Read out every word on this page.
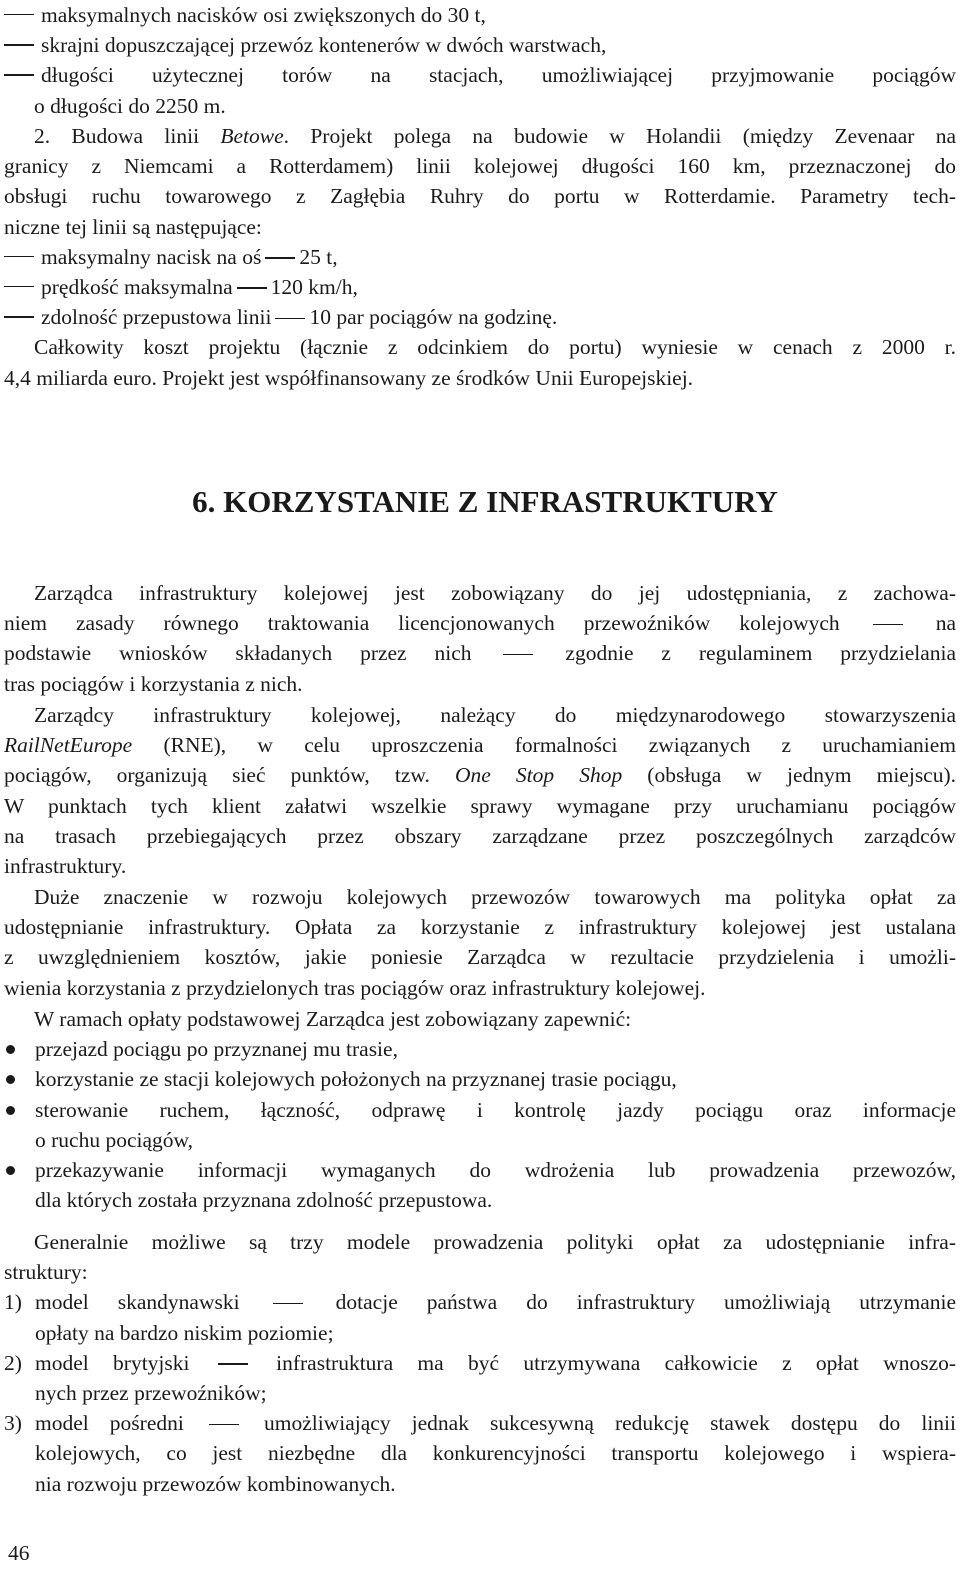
maksymalnych nacisków osi zwiększonych do 30 t,
skrajni dopuszczającej przewóz kontenerów w dwóch warstwach,
długości użytecznej torów na stacjach, umożliwiającej przyjmowanie pociągów
o długości do 2250 m.
2. Budowa linii Betowe. Projekt polega na budowie w Holandii (między Zevenaar na
granicy z Niemcami a Rotterdamem) linii kolejowej długości 160 km, przeznaczonej do
obsługi ruchu towarowego z Zagłębia Ruhry do portu w Rotterdamie. Parametry tech-
niczne tej linii są następujące:
maksymalny nacisk na oś 25 t,
prędkość maksymalna 120 km/h,
zdolność przepustowa linii 10 par pociągów na godzinę.
Całkowity koszt projektu (łącznie z odcinkiem do portu) wyniesie w cenach z 2000 r.
4,4 miliarda euro. Projekt jest współfinansowany ze środków Unii Europejskiej.
6. KORZYSTANIE Z INFRASTRUKTURY
Zarządca infrastruktury kolejowej jest zobowiązany do jej udostępniania, z zachowa-
niem zasady równego traktowania licencjonowanych przewoźników kolejowych	na
podstawie wniosków składanych przez nich	zgodnie z regulaminem przydzielania
tras pociągów i korzystania z nich.
Zarządcy infrastruktury kolejowej, należący do międzynarodowego stowarzyszenia
RailNetEurope (RNE), w celu uproszczenia formalności związanych z uruchamianiem
pociągów, organizują sieć punktów, tzw. One Stop Shop (obsługa w jednym miejscu).
W punktach tych klient załatwi wszelkie sprawy wymagane przy uruchamianu pociągów
na trasach przebiegających przez obszary zarządzane przez poszczególnych zarządców
infrastruktury.
Duże znaczenie w rozwoju kolejowych przewozów towarowych ma polityka opłat za
udostępnianie infrastruktury. Opłata za korzystanie z infrastruktury kolejowej jest ustalana
z uwzględnieniem kosztów, jakie poniesie Zarządca w rezultacie przydzielenia i umożli-
wienia korzystania z przydzielonych tras pociągów oraz infrastruktury kolejowej.
W ramach opłaty podstawowej Zarządca jest zobowiązany zapewnić:
przejazd pociągu po przyznanej mu trasie,
korzystanie ze stacji kolejowych położonych na przyznanej trasie pociągu,
sterowanie ruchem, łączność, odprawę i kontrolę jazdy pociągu oraz informacje
o ruchu pociągów,
przekazywanie informacji wymaganych do wdrożenia lub prowadzenia przewozów,
dla których została przyznana zdolność przepustowa.
Generalnie możliwe są trzy modele prowadzenia polityki opłat za udostępnianie infra-
struktury:
1) model skandynawski	dotacje państwa do infrastruktury umożliwiają utrzymanie
opłaty na bardzo niskim poziomie;
2) model brytyjski	infrastruktura ma być utrzymywana całkowicie z opłat wnoszo-
nych przez przewoźników;
3) model pośredni	umożliwiający jednak sukcesywną redukcję stawek dostępu do linii
kolejowych, co jest niezbędne dla konkurencyjności transportu kolejowego i wspiera-
nia rozwoju przewozów kombinowanych.
46
